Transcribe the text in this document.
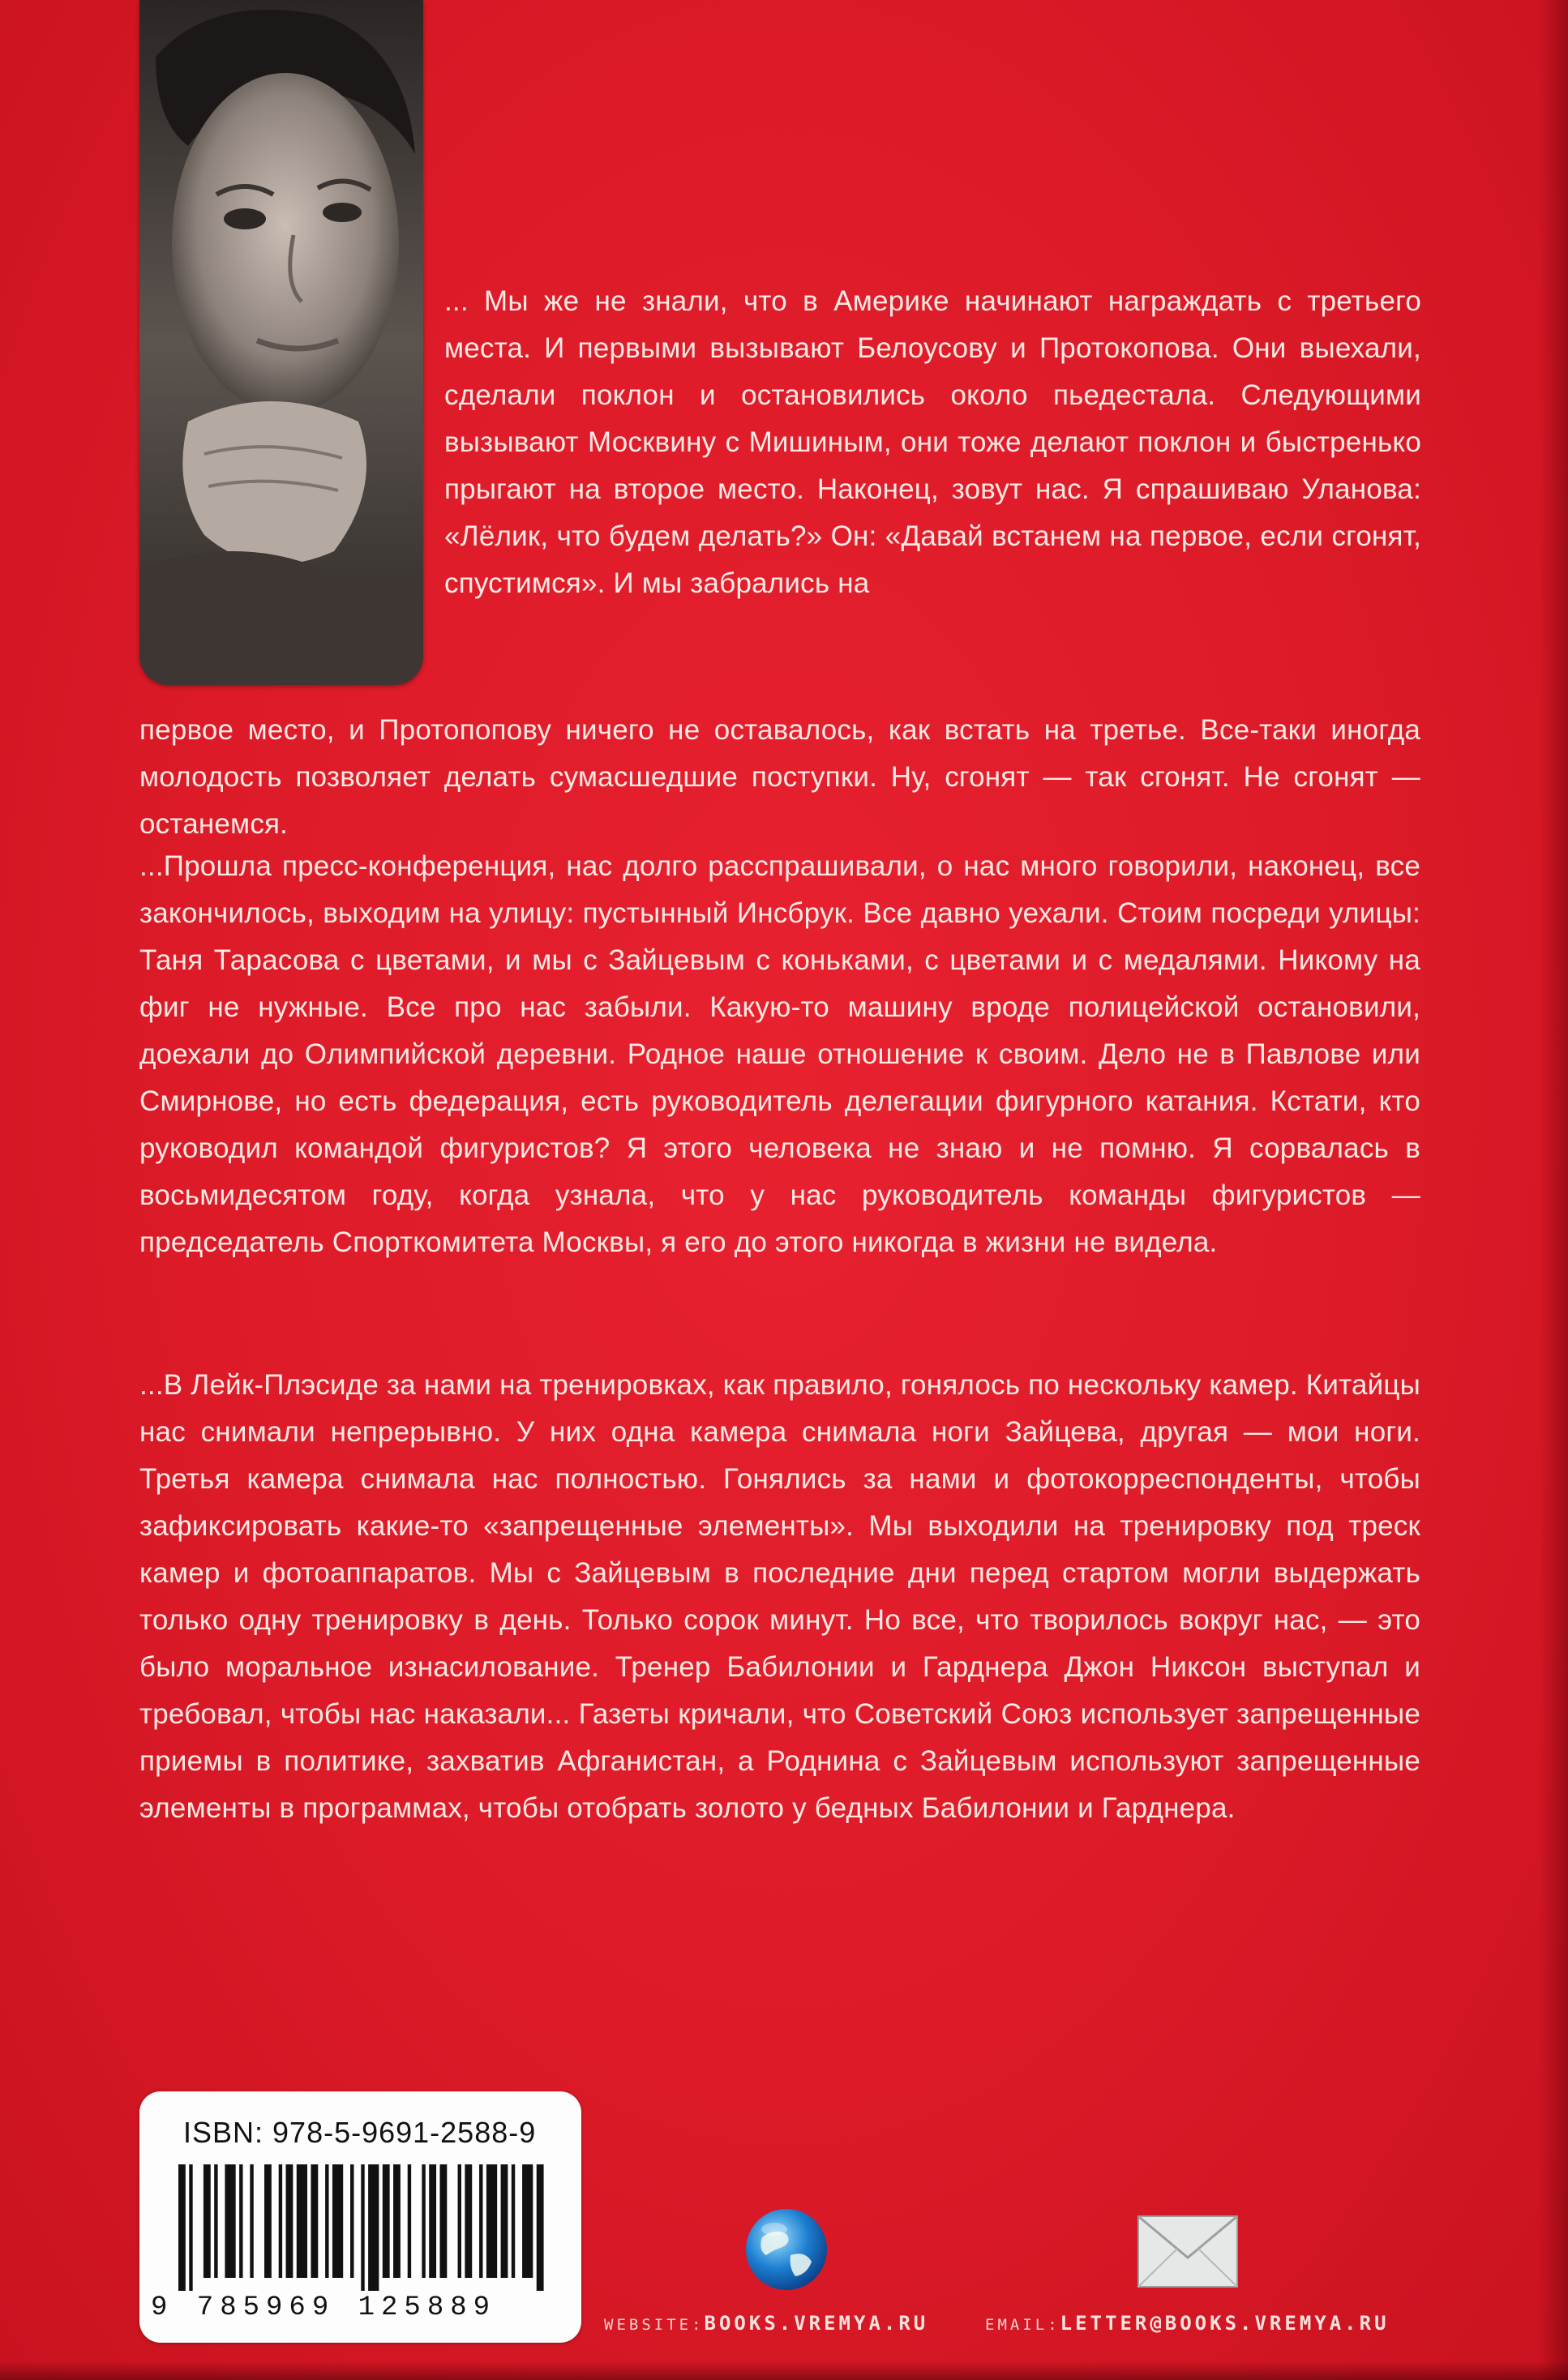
... Мы же не знали, что в Америке начинают награждать с третьего места. И первыми вызывают Белоусову и Протокопова. Они выехали, сделали поклон и остановились около пьедестала. Следующими вызывают Москвину с Мишиным, они тоже делают поклон и быстренько прыгают на второе место. Наконец, зовут нас. Я спрашиваю Уланова: «Лёлик, что будем делать?» Он: «Давай встанем на первое, если сгонят, спустимся». И мы забрались на
первое место, и Протопопову ничего не оставалось, как встать на третье. Все-таки иногда молодость позволяет делать сумасшедшие поступки. Ну, сгонят — так сгонят. Не сгонят — останемся.
...Прошла пресс-конференция, нас долго расспрашивали, о нас много говорили, наконец, все закончилось, выходим на улицу: пустынный Инсбрук. Все давно уехали. Стоим посреди улицы: Таня Тарасова с цветами, и мы с Зайцевым с коньками, с цветами и с медалями. Никому на фиг не нужные. Все про нас забыли. Какую-то машину вроде полицейской остановили, доехали до Олимпийской деревни. Родное наше отношение к своим. Дело не в Павлове или Смирнове, но есть федерация, есть руководитель делегации фигурного катания. Кстати, кто руководил командой фигуристов? Я этого человека не знаю и не помню. Я сорвалась в восьмидесятом году, когда узнала, что у нас руководитель команды фигуристов — председатель Спорткомитета Москвы, я его до этого никогда в жизни не видела.
...В Лейк-Плэсиде за нами на тренировках, как правило, гонялось по нескольку камер. Китайцы нас снимали непрерывно. У них одна камера снимала ноги Зайцева, другая — мои ноги. Третья камера снимала нас полностью. Гонялись за нами и фотокорреспонденты, чтобы зафиксировать какие-то «запрещенные элементы». Мы выходили на тренировку под треск камер и фотоаппаратов. Мы с Зайцевым в последние дни перед стартом могли выдержать только одну тренировку в день. Только сорок минут. Но все, что творилось вокруг нас, — это было моральное изнасилование. Тренер Бабилонии и Гарднера Джон Никсон выступал и требовал, чтобы нас наказали... Газеты кричали, что Советский Союз использует запрещенные приемы в политике, захватив Афганистан, а Роднина с Зайцевым используют запрещенные элементы в программах, чтобы отобрать золото у бедных Бабилонии и Гарднера.
ISBN: 978-5-9691-2588-9
9 785969 125889
WEBSITE:BOOKS.VREMYA.RU	EMAIL:LETTER@BOOKS.VREMYA.RU
